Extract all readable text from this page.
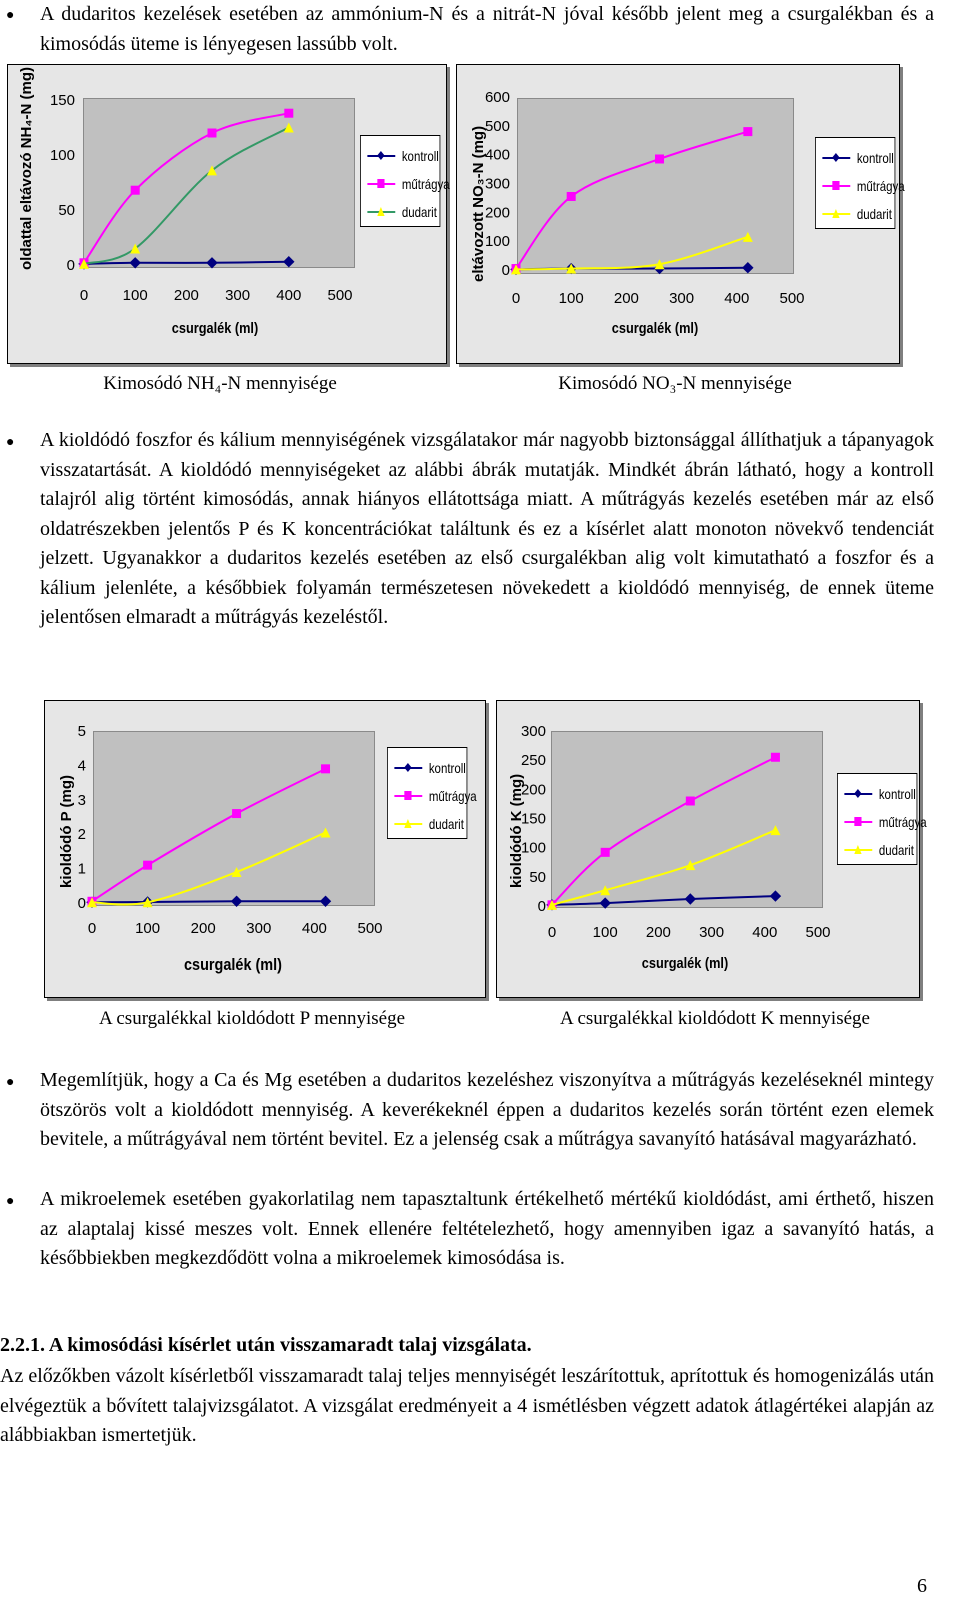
● A dudaritos kezelések esetében az ammónium-N és a nitrát-N jóval később jelent meg a csurgalékban és a kimosódás üteme is lényegesen lassúbb volt.
kontroll
műtrágya
dudarit
oldattal eltávozó NH₄-N (mg)
csurgalék (ml)
kontroll
műtrágya
dudarit
eltávozott NO₃-N (mg)
csurgalék (ml)
Kimosódó NH₄-N mennyisége	Kimosódó NO₃-N mennyisége
● A kioldódó foszfor és kálium mennyiségének vizsgálatakor már nagyobb biztonsággal állíthatjuk a tápanyagok visszatartását. A kioldódó mennyiségeket az alábbi ábrák mutatják. Mindkét ábrán látható, hogy a kontroll talajról alig történt kimosódás, annak hiányos ellátottsága miatt. A műtrágyás kezelés esetében már az első oldatrészekben jelentős P és K koncentrációkat találtunk és ez a kísérlet alatt monoton növekvő tendenciát jelzett. Ugyanakkor a dudaritos kezelés esetében az első csurgalékban alig volt kimutatható a foszfor és a kálium jelenléte, a későbbiek folyamán természetesen növekedett a kioldódó mennyiség, de ennek üteme jelentősen elmaradt a műtrágyás kezeléstől.
kontroll
műtrágya
dudarit
kioldódó P (mg)
csurgalék (ml)
kontroll
műtrágya
dudarit
kioldódó K (mg)
csurgalék (ml)
A csurgalékkal kioldódott P mennyisége	A csurgalékkal kioldódott K mennyisége
0
50
100
150
0 100 200 300 400 500
0
100
200
300
400
500
600
0	100 200 300 400 500
0
1
2
3
4
5
0	100 200 300 400 500
0
50
100
150
200
250
300
0 100 200 300 400 500
● Megemlítjük, hogy a Ca és Mg esetében a dudaritos kezeléshez viszonyítva a műtrágyás kezeléseknél mintegy ötszörös volt a kioldódott mennyiség. A keverékeknél éppen a dudaritos kezelés során történt ezen elemek bevitele, a műtrágyával nem történt bevitel. Ez a jelenség csak a műtrágya savanyító hatásával magyarázható.
● A mikroelemek esetében gyakorlatilag nem tapasztaltunk értékelhető mértékű kioldódást, ami érthető, hiszen az alaptalaj kissé meszes volt. Ennek ellenére feltételezhető, hogy amennyiben igaz a savanyító hatás, a későbbiekben megkezdődött volna a mikroelemek kimosódása is.
2.2.1. A kimosódási kísérlet után visszamaradt talaj vizsgálata.
Az előzőkben vázolt kísérletből visszamaradt talaj teljes mennyiségét leszárítottuk, aprítottuk és homogenizálás után elvégeztük a bővített talajvizsgálatot. A vizsgálat eredményeit a 4 ismétlésben végzett adatok átlagértékei alapján az alábbiakban ismertetjük.
6
